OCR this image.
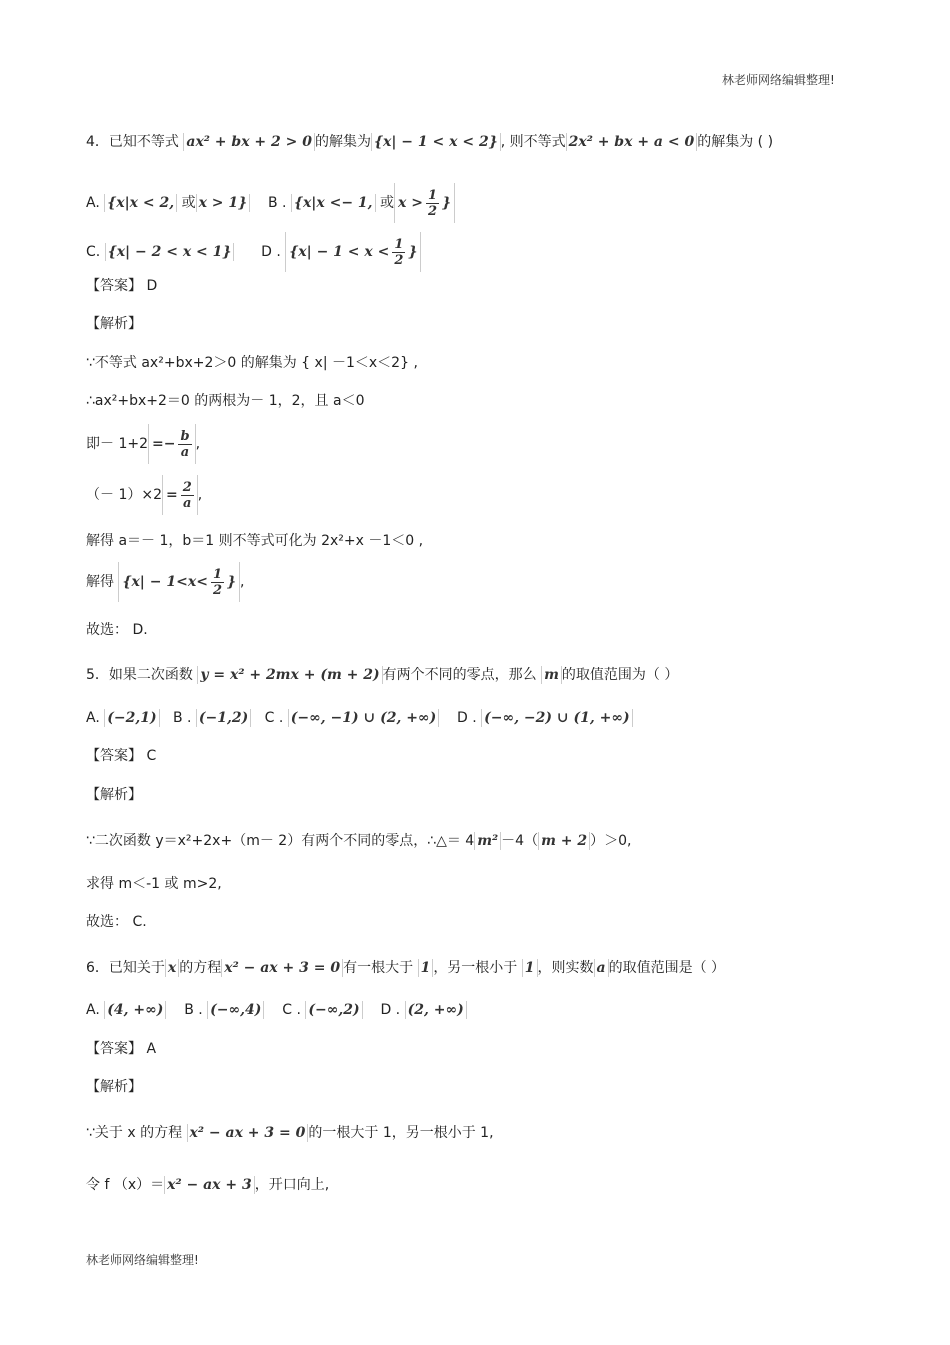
林老师网络编辑整理!
4．已知不等式 ax² + bx + 2 > 0 的解集为 {x| − 1 < x < 2} , 则不等式 2x² + bx + a < 0 的解集为 ( )
A. {x|x < 2, 或 x > 1} B . {x|x <− 1, 或 $x > \frac{1}{2}$ }
C. {x| − 2 < x < 1} D . {$x| - 1 < x < \frac{1}{2}$ }
【答案】 D
【解析】
∵不等式 ax²+bx+2＞0 的解集为 { x| －1＜x＜2} ,
∴ax²+bx+2＝0 的两根为－ 1，2，且 a＜0
即－ $1+2 =- \frac{b}{a}$ ,
（－ $1)\times 2 = \frac{2}{a}$ ,
解得 a＝－ 1，b＝1 则不等式可化为 2x²+x －1＜0 ,
解得 {$x| - 1<x< \frac{1}{2}$ } ,
故选： D.
5．如果二次函数 y = x² + 2mx + (m + 2) 有两个不同的零点，那么 m 的取值范围为（ ）
A. (−2,1) B . (−1,2) C . (−∞, −1) ∪ (2, +∞) D . (−∞, −2) ∪ (1, +∞)
【答案】 C
【解析】
∵二次函数 y＝x²+2x+（m－ 2）有两个不同的零点，∴△＝ 4 m² －4（ m + 2 ）＞0,
求得 m＜-1 或 m>2,
故选： C.
6．已知关于 x 的方程 x² − ax + 3 = 0 有一根大于 1 ，另一根小于 1 ，则实数 a 的取值范围是（ ）
A. (4, +∞) B . (−∞,4) C . (−∞,2) D . (2, +∞)
【答案】 A
【解析】
∵关于 x 的方程 x² − ax + 3 = 0 的一根大于 1，另一根小于 1,
令 f （x）＝ x² − ax + 3 ，开口向上,
林老师网络编辑整理!
